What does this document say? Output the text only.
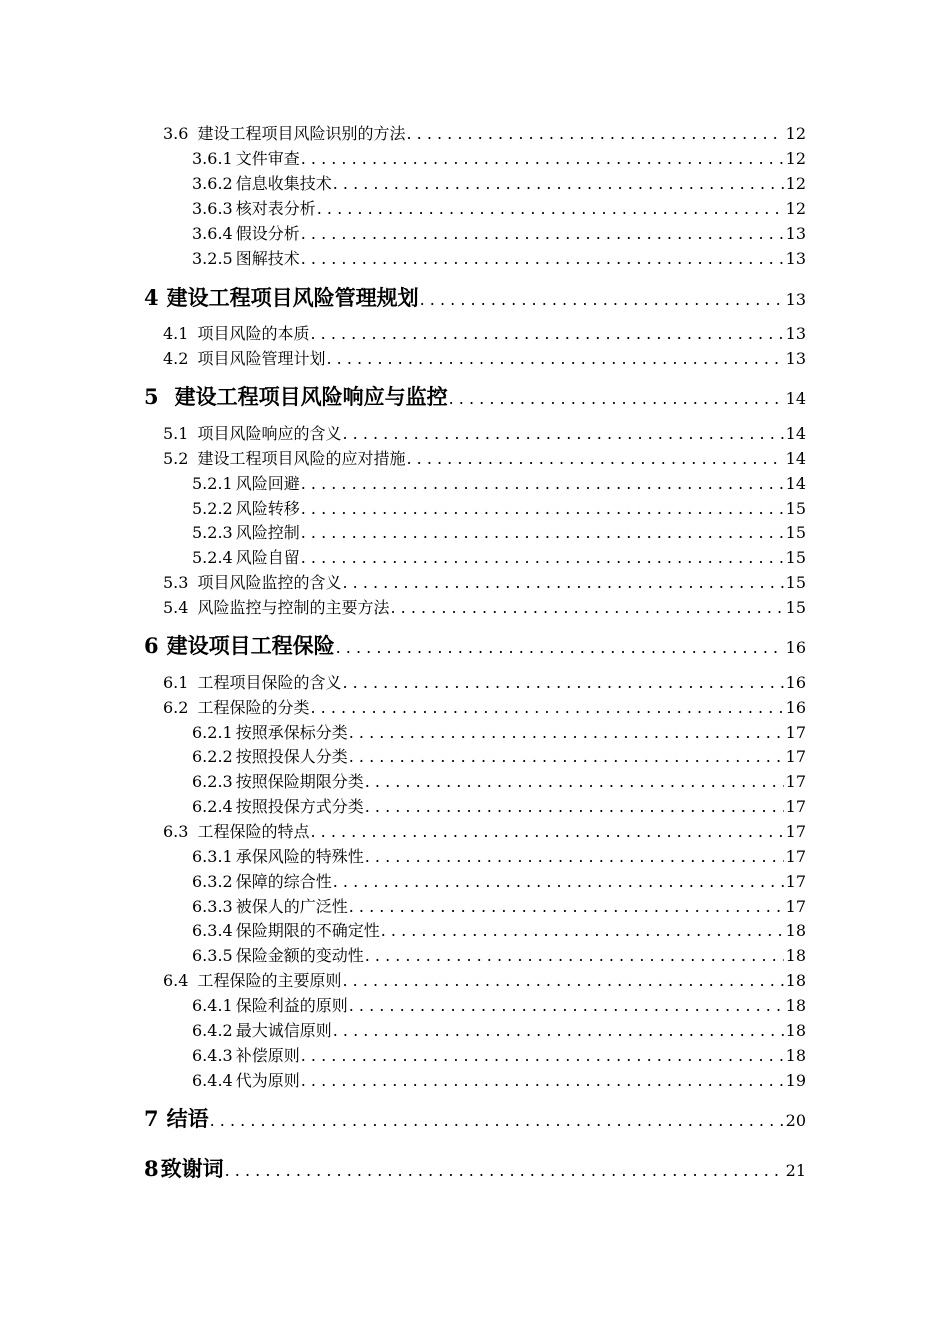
3.6 建设工程项目风险识别的方法 . . .	12
3.6.1 文件审查 . . .	12
3.6.2 信息收集技术 . . .	12
3.6.3 核对表分析 . . .	12
3.6.4 假设分析 . . .	13
3.2.5 图解技术 . . .	13
4 建设工程项目风险管理规划 . . .	13
4.1 项目风险的本质 . . .	13
4.2 项目风险管理计划 . . .	13
5 建设工程项目风险响应与监控 . . .	14
5.1 项目风险响应的含义 . . .	14
5.2 建设工程项目风险的应对措施 . . .	14
5.2.1 风险回避 . . .	14
5.2.2 风险转移 . . .	15
5.2.3 风险控制 . . .	15
5.2.4 风险自留 . . .	15
5.3 项目风险监控的含义 . . .	15
5.4 风险监控与控制的主要方法 . . .	15
6 建设项目工程保险 . . .	16
6.1 工程项目保险的含义 . . .	16
6.2 工程保险的分类 . . .	16
6.2.1 按照承保标分类 . . .	17
6.2.2 按照投保人分类 . . .	17
6.2.3 按照保险期限分类 . . .	17
6.2.4 按照投保方式分类 . . .	17
6.3 工程保险的特点 . . .	17
6.3.1 承保风险的特殊性 . . .	17
6.3.2 保障的综合性 . . .	17
6.3.3 被保人的广泛性 . . .	17
6.3.4 保险期限的不确定性 . . .	18
6.3.5 保险金额的变动性 . . .	18
6.4 工程保险的主要原则 . . .	18
6.4.1 保险利益的原则 . . .	18
6.4.2 最大诚信原则 . . .	18
6.4.3 补偿原则 . . .	18
6.4.4 代为原则 . . .	19
7 结语 . . .	20
8 致谢词 . . .	21
